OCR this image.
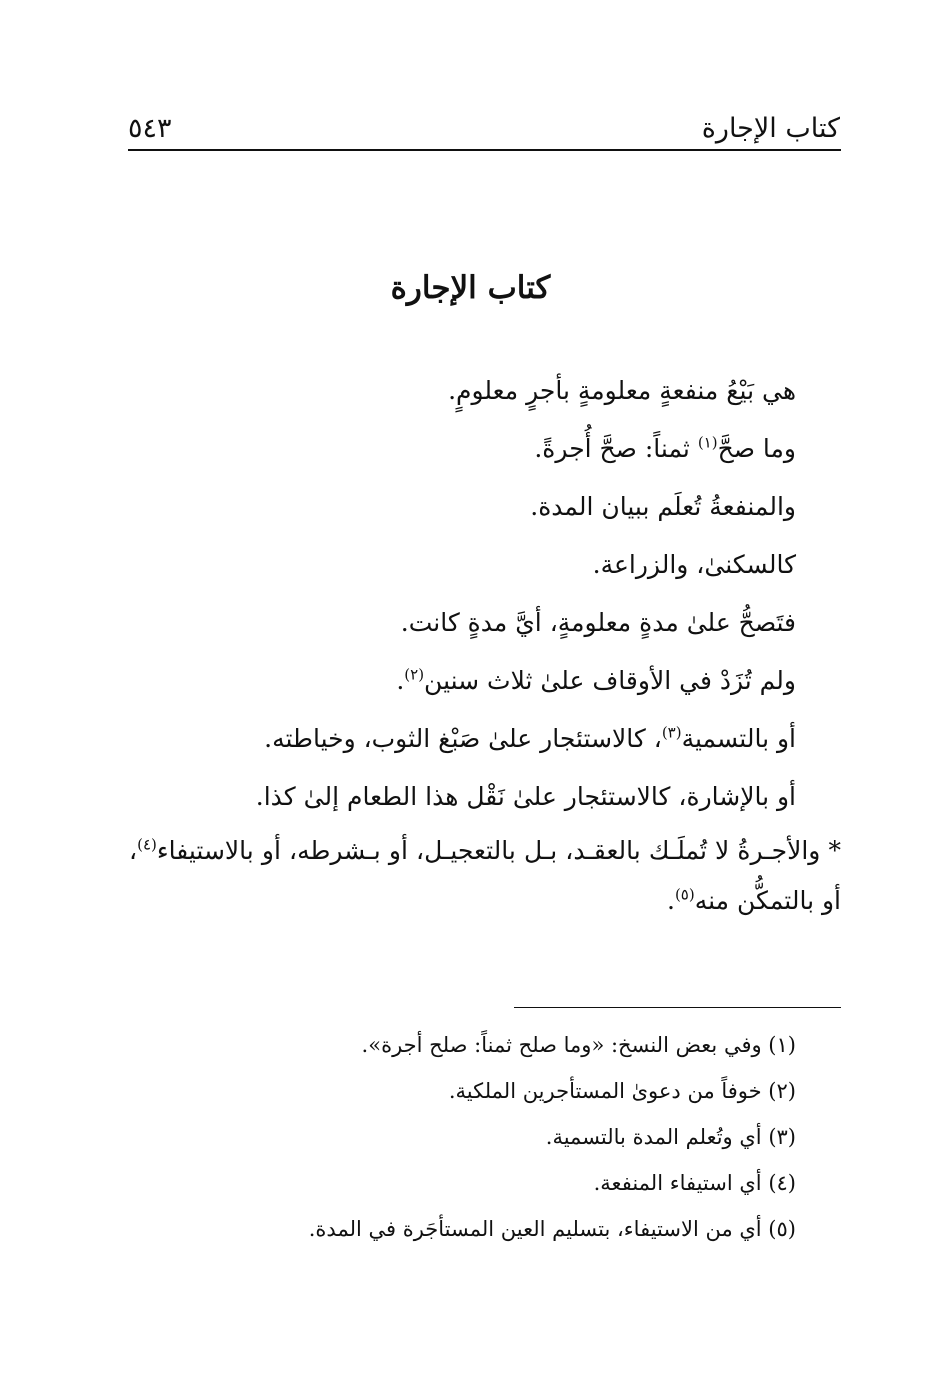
كتاب الإجارة
٥٤٣
كتاب الإجارة

هي بَيْعُ منفعةٍ معلومةٍ بأجرٍ معلومٍ.

وما صحَّ$^{(١)}$ ثمناً: صحَّ أُجرةً.

والمنفعةُ تُعلَم ببيان المدة.

كالسكنىٰ، والزراعة.

فتَصحُّ علىٰ مدةٍ معلومةٍ، أيَّ مدةٍ كانت.

ولم تُزَدْ في الأوقاف علىٰ ثلاث سنين$^{(٢)}$.

أو بالتسمية$^{(٣)}$، كالاستئجار علىٰ صَبْغ الثوب، وخياطته.

أو بالإشارة، كالاستئجار علىٰ نَقْل هذا الطعام إلىٰ كذا.

* والأجـرةُ لا تُملَـك بالعقـد، بـل بالتعجيـل، أو بـشرطه، أو بالاستيفاء$^{(٤)}$، أو بالتمكُّن منه$^{(٥)}$.

(١) وفي بعض النسخ: «وما صلح ثمناً: صلح أجرة».

(٢) خوفاً من دعوىٰ المستأجرين الملكية.

(٣) أي وتُعلم المدة بالتسمية.

(٤) أي استيفاء المنفعة.

(٥) أي من الاستيفاء، بتسليم العين المستأجَرة في المدة.
